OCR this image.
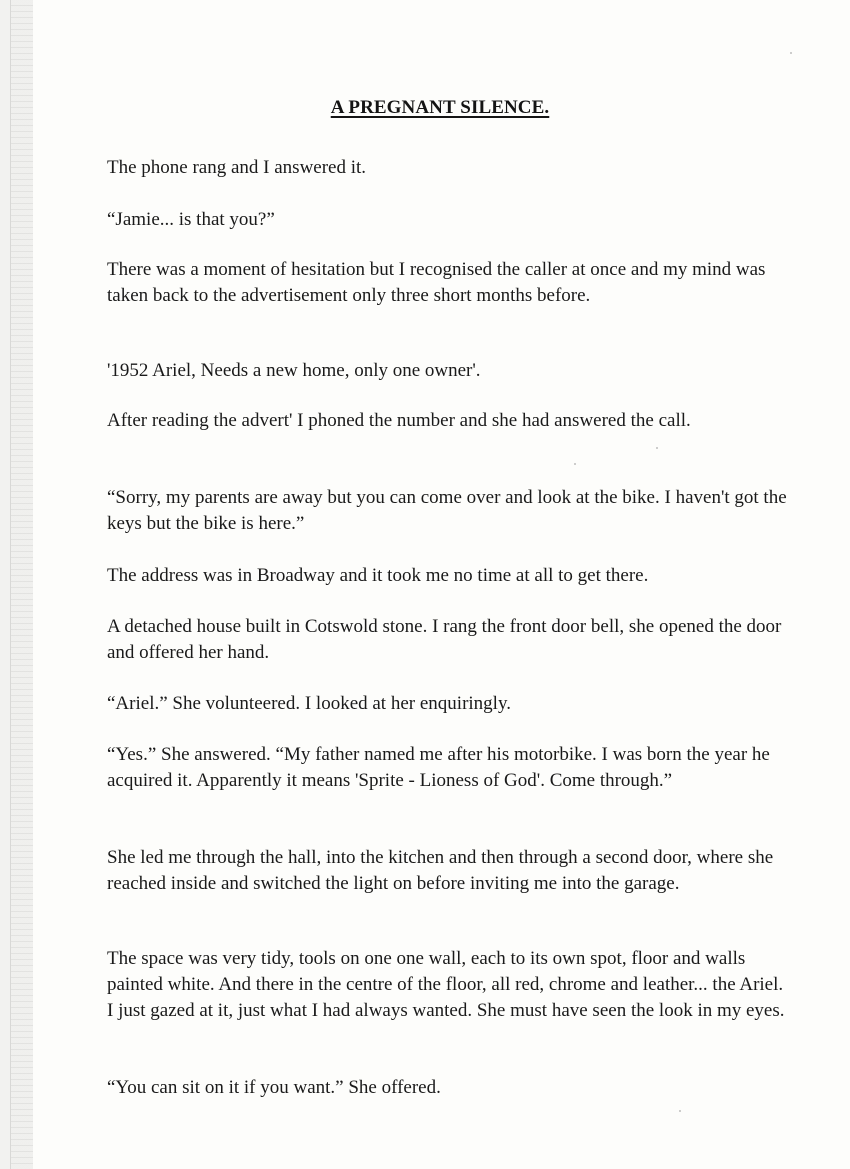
A PREGNANT SILENCE.

The phone rang and I answered it.

“Jamie... is that you?”

There was a moment of hesitation but I recognised the caller at once and my mind was taken back to the advertisement only three short months before.

'1952 Ariel, Needs a new home, only one owner'.

After reading the advert' I phoned the number and she had answered the call.

“Sorry, my parents are away but you can come over and look at the bike. I haven't got the keys but the bike is here.”

The address was in Broadway and it took me no time at all to get there.

A detached house built in Cotswold stone. I rang the front door bell, she opened the door and offered her hand.

“Ariel.” She volunteered. I looked at her enquiringly.

“Yes.” She answered. “My father named me after his motorbike. I was born the year he acquired it. Apparently it means 'Sprite - Lioness of God'. Come through.”

She led me through the hall, into the kitchen and then through a second door, where she reached inside and switched the light on before inviting me into the garage.

The space was very tidy, tools on one one wall, each to its own spot, floor and walls painted white. And there in the centre of the floor, all red, chrome and leather... the Ariel. I just gazed at it, just what I had always wanted. She must have seen the look in my eyes.

“You can sit on it if you want.” She offered.
